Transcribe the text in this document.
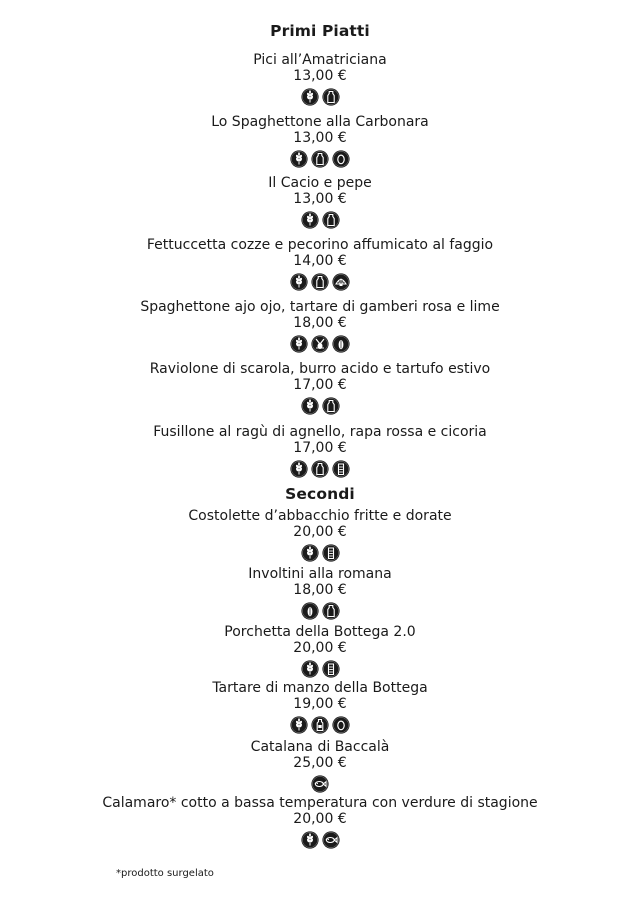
Primi Piatti
Pici all’Amatriciana
13,00 €
Lo Spaghettone alla Carbonara
13,00 €
Il Cacio e pepe
13,00 €
Fettuccetta cozze e pecorino affumicato al faggio
14,00 €
Spaghettone ajo ojo, tartare di gamberi rosa e lime
18,00 €
Raviolone di scarola, burro acido e tartufo estivo
17,00 €
Fusillone al ragù di agnello, rapa rossa e cicoria
17,00 €
Secondi
Costolette d’abbacchio fritte e dorate
20,00 €
Involtini alla romana
18,00 €
Porchetta della Bottega 2.0
20,00 €
Tartare di manzo della Bottega
19,00 €
Catalana di Baccalà
25,00 €
Calamaro* cotto a bassa temperatura con verdure di stagione
20,00 €
*prodotto surgelato
